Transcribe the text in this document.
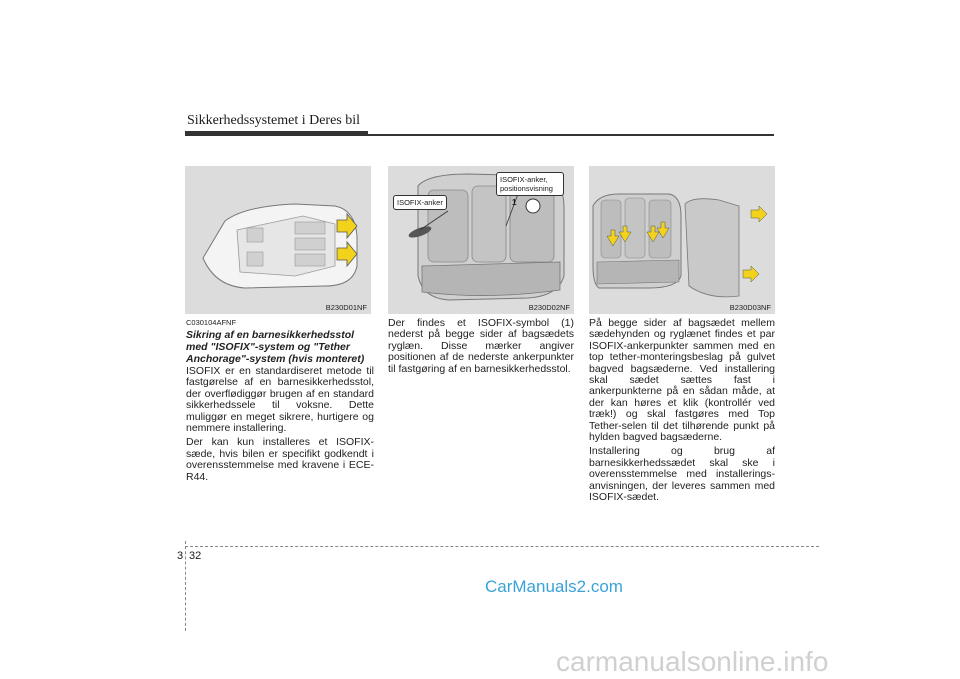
Sikkerhedssystemet i Deres bil
B230D01NF
ISOFIX-anker
ISOFIX-anker, positionsvisning
1
B230D02NF	B230D03NF
C030104AFNF
Sikring af en barnesikkerhedsstol med "ISOFIX"-system og "Tether Anchorage"-system (hvis monteret)

ISOFIX er en standardiseret metode til fastgørelse af en barnesikkerhedsstol, der overflødiggør brugen af en standard sikkerhedssele til voksne. Dette muliggør en meget sikrere, hurtigere og nemmere installering.

Der kan kun installeres et ISOFIX-sæde, hvis bilen er specifikt godkendt i overensstemmelse med kravene i ECE-R44.

Der findes et ISOFIX-symbol (1) nederst på begge sider af bagsædets ryglæn. Disse mærker angiver positionen af de nederste ankerpunkter til fastgøring af en barnesikkerhedsstol.

På begge sider af bagsædet mellem sædehynden og ryglænet findes et par ISOFIX-ankerpunkter sammen med en top tether-monteringsbeslag på gulvet bagved bagsæderne. Ved installering skal sædet sættes fast i ankerpunkterne på en sådan måde, at der kan høres et klik (kontrollér ved træk!) og skal fastgøres med Top Tether-selen til det tilhørende punkt på hylden bagved bagsæderne.

Installering og brug af barnesikkerhedssædet skal ske i overensstemmelse med installerings-anvisningen, der leveres sammen med ISOFIX-sædet.

3 32
CarManuals2.com
carmanualsonline.info
